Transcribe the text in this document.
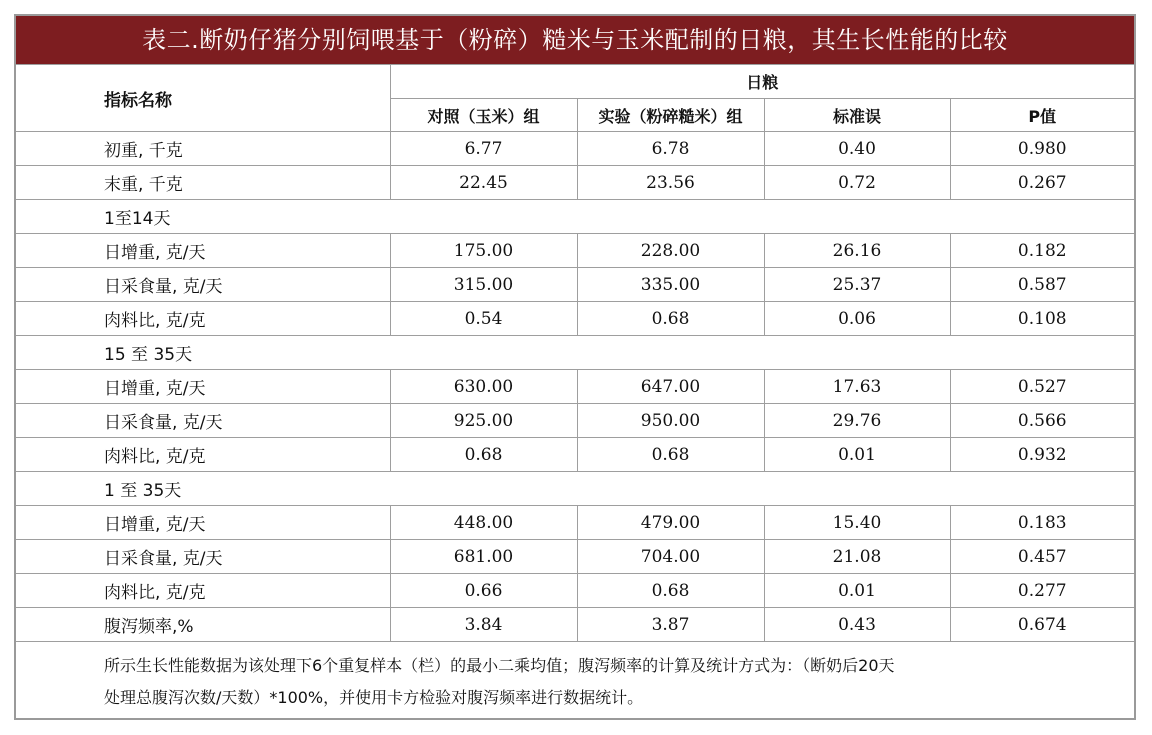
表二.断奶仔猪分别饲喂基于（粉碎）糙米与玉米配制的日粮，其生长性能的比较
指标名称	日粮			
	对照（玉米）组	实验（粉碎糙米）组	标准误	P值
初重, 千克	6.77	6.78	0.40	0.980
末重, 千克	22.45	23.56	0.72	0.267
1至14天				
日增重, 克/天	175.00	228.00	26.16	0.182
日采食量, 克/天	315.00	335.00	25.37	0.587
肉料比, 克/克	0.54	0.68	0.06	0.108
15 至 35天				
日增重, 克/天	630.00	647.00	17.63	0.527
日采食量, 克/天	925.00	950.00	29.76	0.566
肉料比, 克/克	0.68	0.68	0.01	0.932
1 至 35天				
日增重, 克/天	448.00	479.00	15.40	0.183
日采食量, 克/天	681.00	704.00	21.08	0.457
肉料比, 克/克	0.66	0.68	0.01	0.277
腹泻频率,%	3.84	3.87	0.43	0.674
所示生长性能数据为该处理下6个重复样本（栏）的最小二乘均值；腹泻频率的计算及统计方式为：（断奶后20天
处理总腹泻次数/天数）*100%，并使用卡方检验对腹泻频率进行数据统计。
